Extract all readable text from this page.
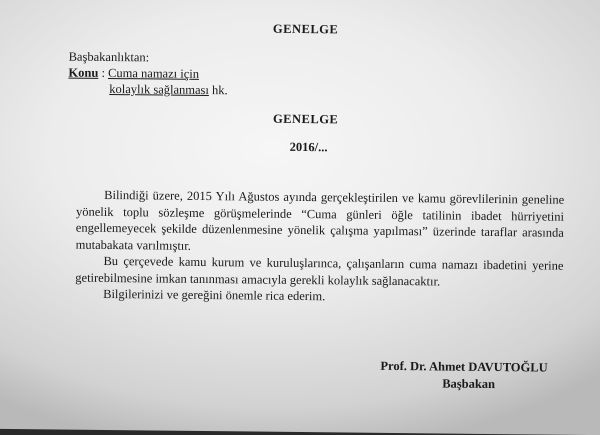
GENELGE
Başbakanlıktan:
Konu : Cuma namazı için
kolaylık sağlanması hk.
GENELGE
2016/...

Bilindiği üzere, 2015 Yılı Ağustos ayında gerçekleştirilen ve kamu görevlilerinin geneline yönelik toplu sözleşme görüşmelerinde “Cuma günleri öğle tatilinin ibadet hürriyetini engellemeyecek şekilde düzenlenmesine yönelik çalışma yapılması” üzerinde taraflar arasında mutabakata varılmıştır.

Bu çerçevede kamu kurum ve kuruluşlarınca, çalışanların cuma namazı ibadetini yerine getirebilmesine imkan tanınması amacıyla gerekli kolaylık sağlanacaktır.

Bilgilerinizi ve gereğini önemle rica ederim.

Prof. Dr. Ahmet DAVUTOĞLU
Başbakan
